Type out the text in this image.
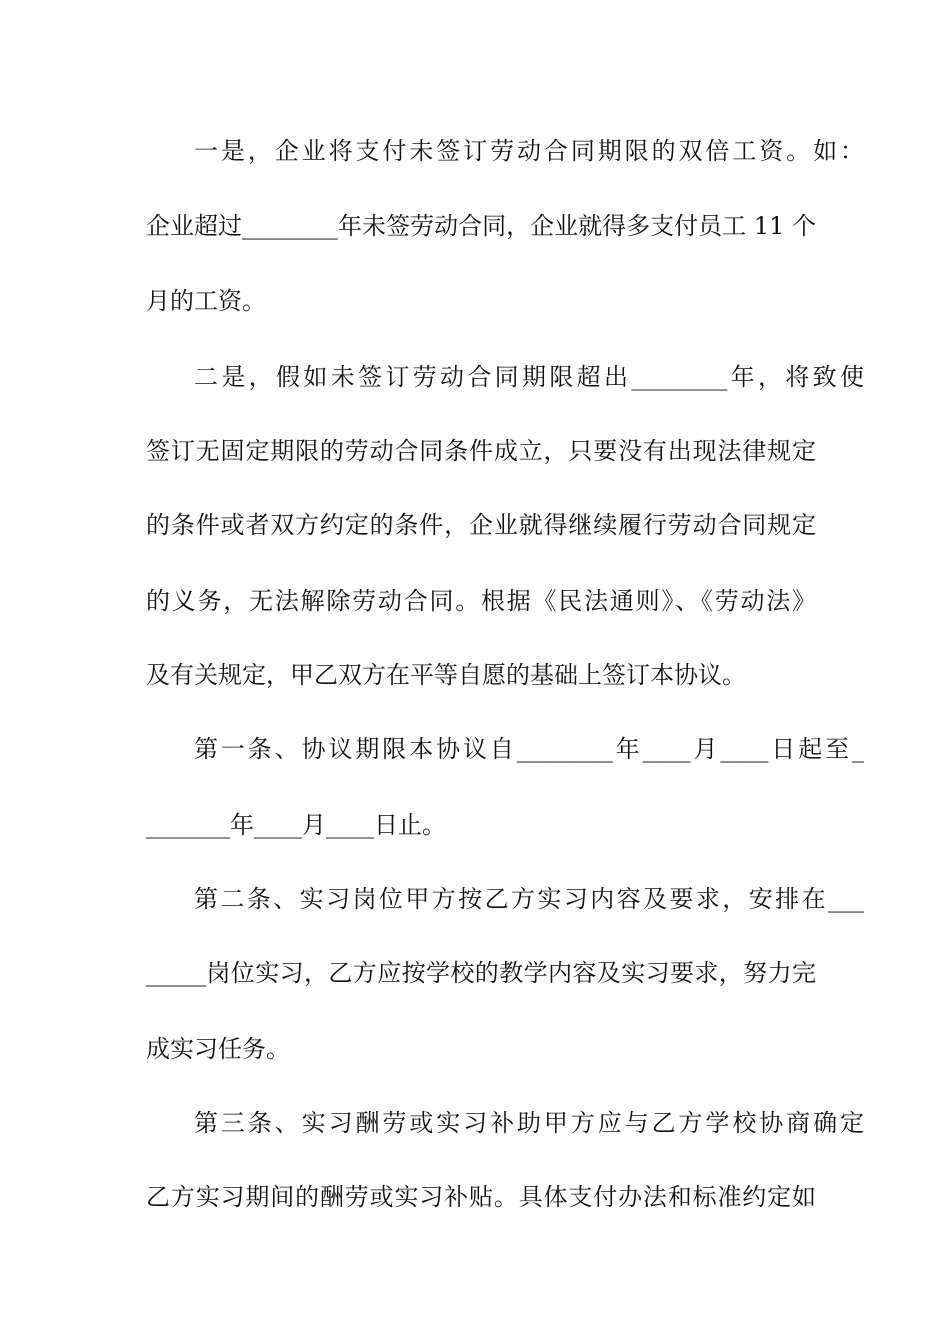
一是，企业将支付未签订劳动合同期限的双倍工资。如：
企业超过________年未签劳动合同，企业就得多支付员工 11 个
月的工资。
二是，假如未签订劳动合同期限超出________年，将致使
签订无固定期限的劳动合同条件成立，只要没有出现法律规定
的条件或者双方约定的条件，企业就得继续履行劳动合同规定
的义务，无法解除劳动合同。根据《民法通则》、《劳动法》
及有关规定，甲乙双方在平等自愿的基础上签订本协议。
第一条、协议期限本协议自________年____月____日起至_
_______年____月____日止。
第二条、实习岗位甲方按乙方实习内容及要求，安排在___
_____岗位实习，乙方应按学校的教学内容及实习要求，努力完
成实习任务。
第三条、实习酬劳或实习补助甲方应与乙方学校协商确定
乙方实习期间的酬劳或实习补贴。具体支付办法和标准约定如
